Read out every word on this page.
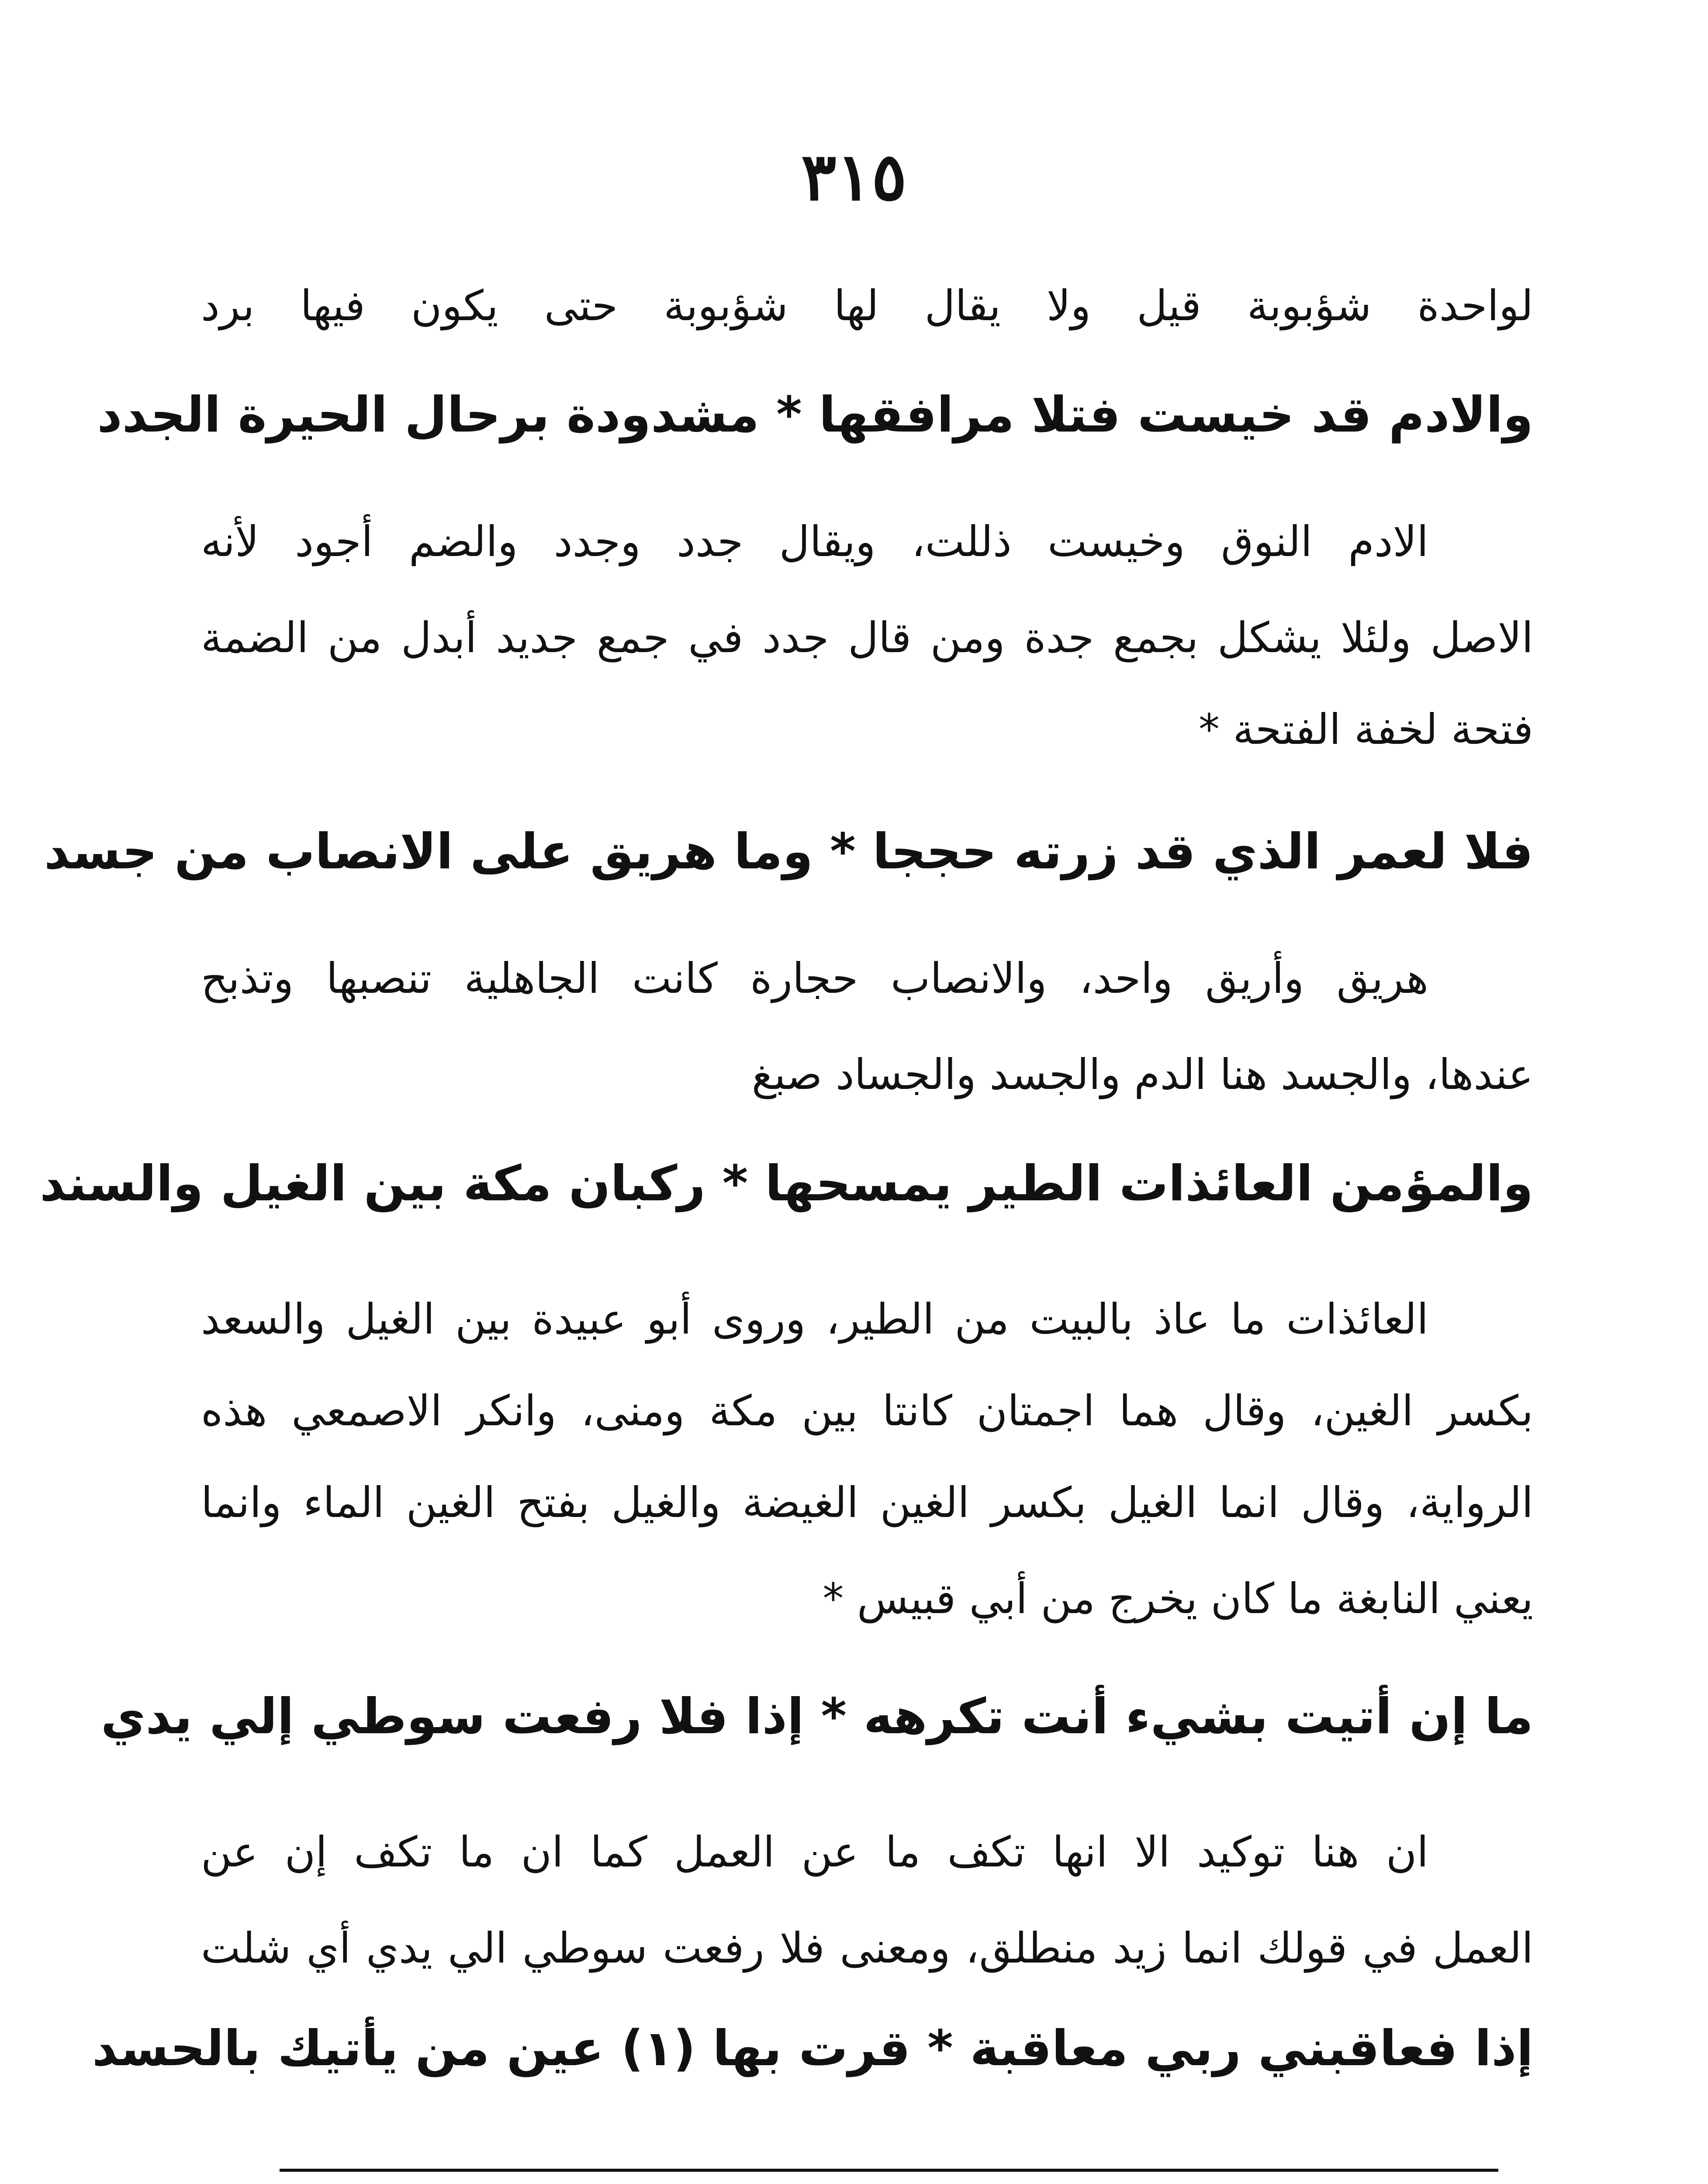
٣١٥
لواحدة شؤبوبة قيل ولا يقال لها شؤبوبة حتى يكون فيها برد
والادم قد خيست فتلا مرافقها * مشدودة برحال الحيرة الجدد
الادم النوق وخيست ذللت، ويقال جدد وجدد والضم أجود لأنه
الاصل ولئلا يشكل بجمع جدة ومن قال جدد في جمع جديد أبدل من الضمة
فتحة لخفة الفتحة *
فلا لعمر الذي قد زرته حججا * وما هريق على الانصاب من جسد
هريق وأريق واحد، والانصاب حجارة كانت الجاهلية تنصبها وتذبح
عندها، والجسد هنا الدم والجسد والجساد صبغ
والمؤمن العائذات الطير يمسحها * ركبان مكة بين الغيل والسند
العائذات ما عاذ بالبيت من الطير، وروى أبو عبيدة بين الغيل والسعد
بكسر الغين، وقال هما اجمتان كانتا بين مكة ومنى، وانكر الاصمعي هذه
الرواية، وقال انما الغيل بكسر الغين الغيضة والغيل بفتح الغين الماء وانما
يعني النابغة ما كان يخرج من أبي قبيس *
ما إن أتيت بشيء أنت تكرهه * إذا فلا رفعت سوطي إلي يدي
ان هنا توكيد الا انها تكف ما عن العمل كما ان ما تكف إن عن
العمل في قولك انما زيد منطلق، ومعنى فلا رفعت سوطي الي يدي أي شلت
إذا فعاقبني ربي معاقبة * قرت بها (١) عين من يأتيك بالحسد
